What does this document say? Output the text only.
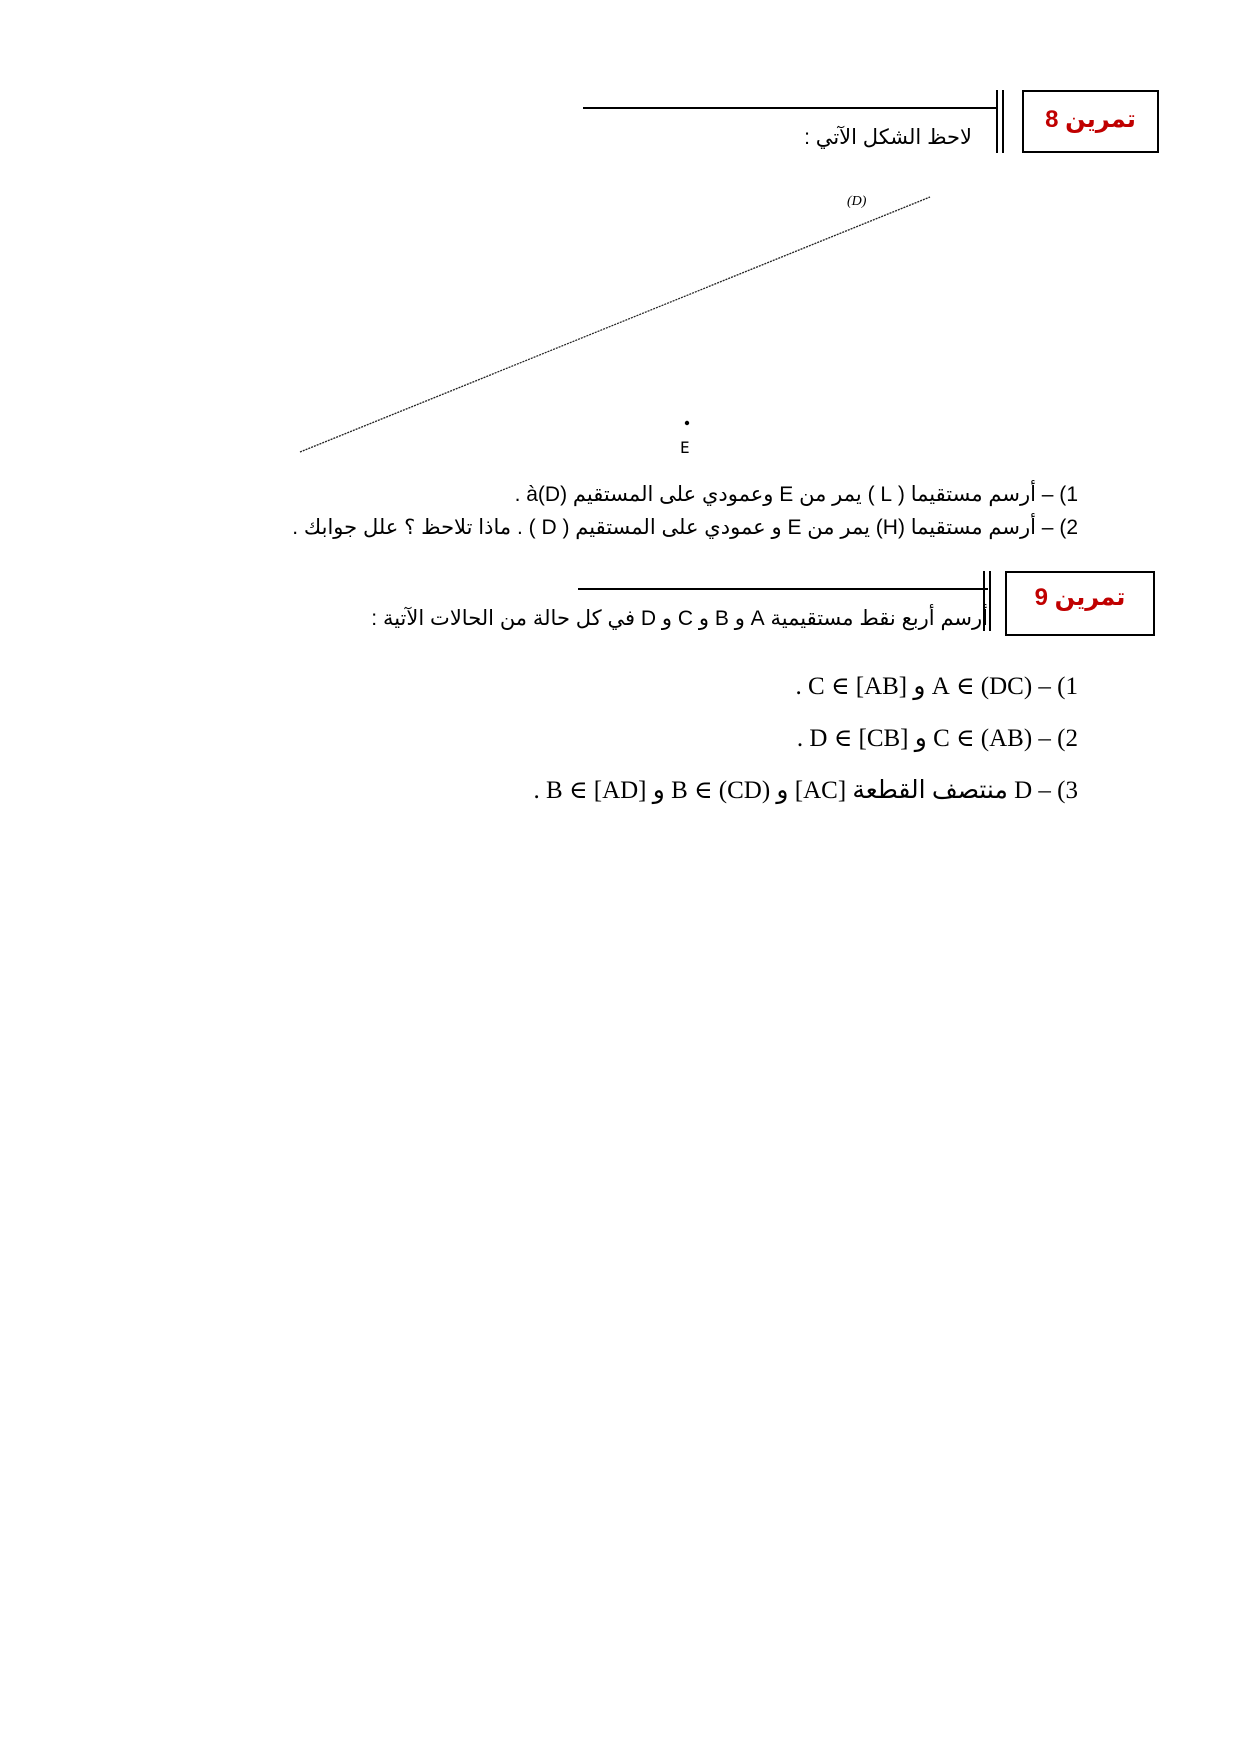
تمرين 8
لاحظ الشكل الآتي :
(D)
E
1) – أرسم مستقيما ( L ) يمر من E وعمودي على المستقيم à(D) .
2) – أرسم مستقيما (H) يمر من E و عمودي على المستقيم ( D ) . ماذا تلاحظ ؟ علل جوابك .
تمرين 9
أرسم أربع نقط مستقيمية A و B و C و D في كل حالة من الحالات الآتية :
1) – (DC) ∋ A و [AB] ∋ C .
2) – (AB) ∋ C و [CB] ∋ D .
3) – D منتصف القطعة [AC] و (CD) ∋ B و [AD] ∋ B .
